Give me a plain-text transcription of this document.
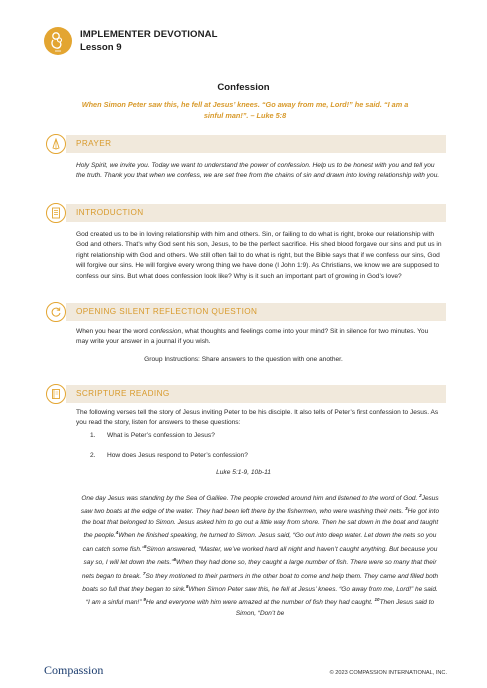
IMPLEMENTER DEVOTIONAL
Lesson 9
Confession
When Simon Peter saw this, he fell at Jesus’ knees. “Go away from me, Lord!” he said. “I am a sinful man!”. – Luke 5:8
PRAYER
Holy Spirit, we invite you. Today we want to understand the power of confession. Help us to be honest with you and tell you the truth. Thank you that when we confess, we are set free from the chains of sin and drawn into loving relationship with you.
INTRODUCTION
God created us to be in loving relationship with him and others. Sin, or failing to do what is right, broke our relationship with God and others. That’s why God sent his son, Jesus, to be the perfect sacrifice. His shed blood forgave our sins and put us in right relationship with God and others. We still often fail to do what is right, but the Bible says that if we confess our sins, God will forgive our sins. He will forgive every wrong thing we have done (I John 1:9). As Christians, we know we are supposed to confess our sins. But what does confession look like? Why is it such an important part of growing in God’s love?
OPENING SILENT REFLECTION QUESTION
When you hear the word confession, what thoughts and feelings come into your mind? Sit in silence for two minutes. You may write your answer in a journal if you wish.
Group Instructions: Share answers to the question with one another.
SCRIPTURE READING
The following verses tell the story of Jesus inviting Peter to be his disciple. It also tells of Peter’s first confession to Jesus. As you read the story, listen for answers to these questions:
1. What is Peter’s confession to Jesus?
2. How does Jesus respond to Peter’s confession?
Luke 5:1-9, 10b-11
One day Jesus was standing by the Sea of Galilee. The people crowded around him and listened to the word of God. $^2$Jesus saw two boats at the edge of the water. They had been left there by the fishermen, who were washing their nets. $^3$He got into the boat that belonged to Simon. Jesus asked him to go out a little way from shore. Then he sat down in the boat and taught the people.$^4$When he finished speaking, he turned to Simon. Jesus said, “Go out into deep water. Let down the nets so you can catch some fish.”$^5$Simon answered, “Master, we’ve worked hard all night and haven’t caught anything. But because you say so, I will let down the nets.”$^6$When they had done so, they caught a large number of fish. There were so many that their nets began to break. $^7$So they motioned to their partners in the other boat to come and help them. They came and filled both boats so full that they began to sink.$^8$When Simon Peter saw this, he fell at Jesus’ knees. “Go away from me, Lord!” he said. “I am a sinful man!” $^9$He and everyone with him were amazed at the number of fish they had caught. $^{10}$Then Jesus said to Simon, “Don’t be
Compassion	© 2023 COMPASSION INTERNATIONAL, INC.
